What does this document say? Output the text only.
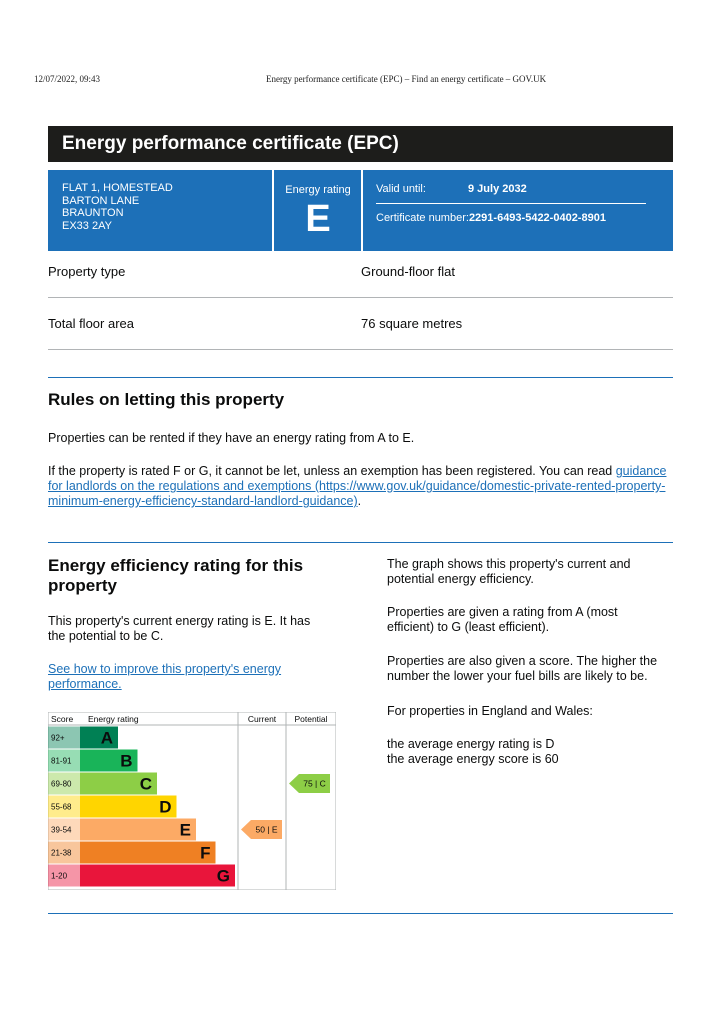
12/07/2022, 09:43	Energy performance certificate (EPC) – Find an energy certificate – GOV.UK
Energy performance certificate (EPC)
FLAT 1, HOMESTEAD
BARTON LANE
BRAUNTON
EX33 2AY
Energy rating
E
Valid until:	9 July 2032
Certificate number:2291-6493-5422-0402-8901
Property type	Ground-floor flat
Total floor area	76 square metres
Rules on letting this property
Properties can be rented if they have an energy rating from A to E.
If the property is rated F or G, it cannot be let, unless an exemption has been registered. You can read guidance for landlords on the regulations and exemptions (https://www.gov.uk/guidance/domestic-private-rented-property-minimum-energy-efficiency-standard-landlord-guidance).
Energy efficiency rating for this
property
This property's current energy rating is E. It has
the potential to be C.
See how to improve this property's energy
performance.
The graph shows this property's current and
potential energy efficiency.
Properties are given a rating from A (most
efficient) to G (least efficient).
Properties are also given a score. The higher the
number the lower your fuel bills are likely to be.
For properties in England and Wales:
the average energy rating is D
the average energy score is 60
Score Energy rating	Current Potential
92+ A
81-91	B
69-80	C
55-68	D
39-54	E
21-38	F
1-20	G
50 | E
75 | C
